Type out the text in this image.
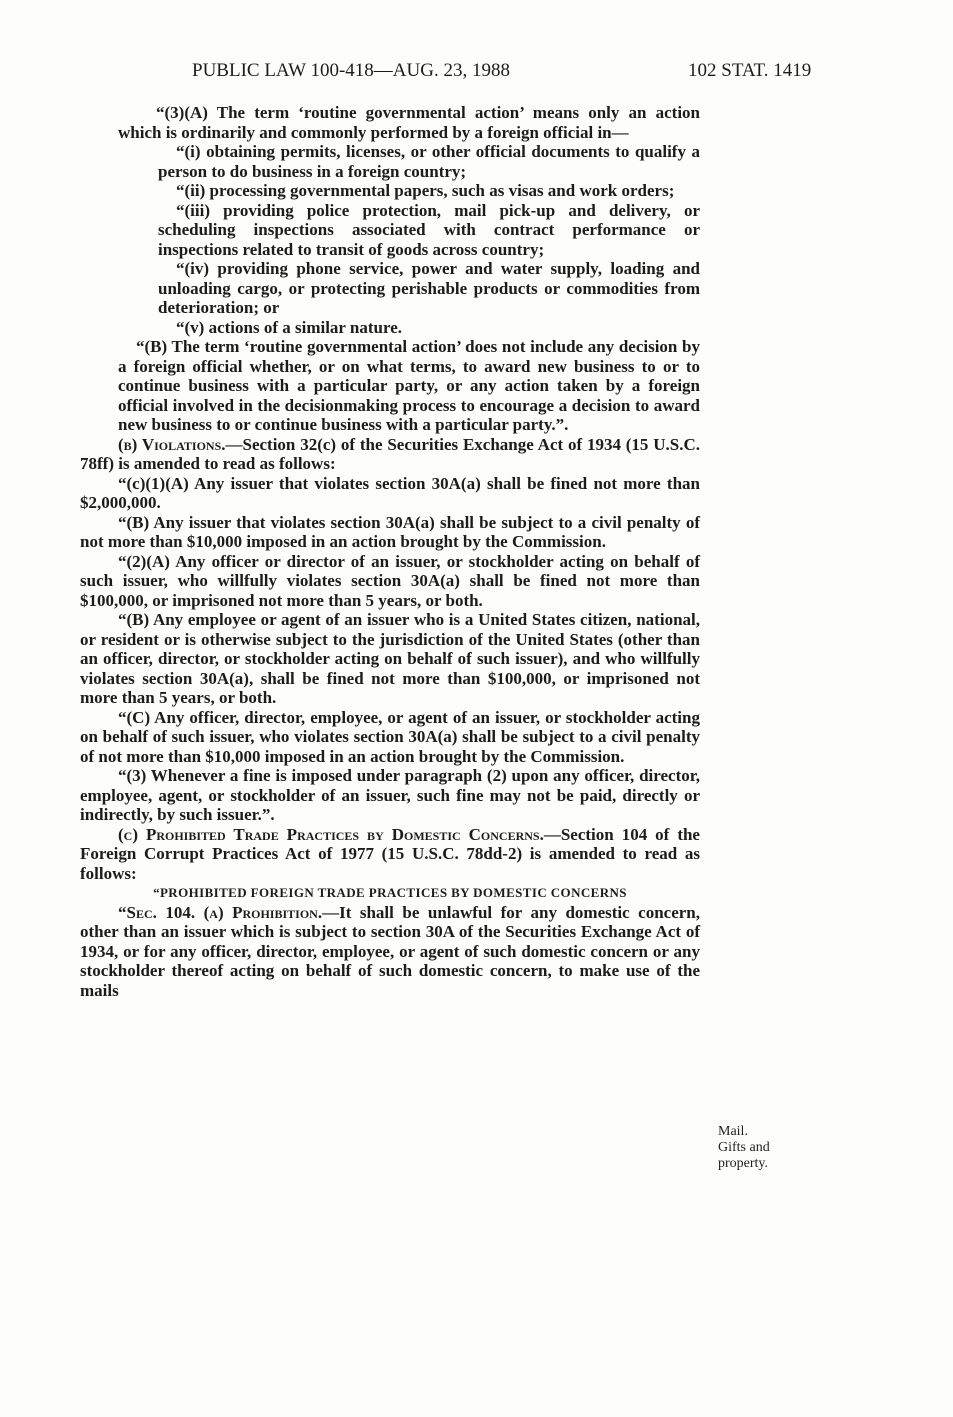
PUBLIC LAW 100-418—AUG. 23, 1988	102 STAT. 1419

“(3)(A) The term ‘routine governmental action’ means only an action which is ordinarily and commonly performed by a foreign official in—

“(i) obtaining permits, licenses, or other official documents to qualify a person to do business in a foreign country;

“(ii) processing governmental papers, such as visas and work orders;

“(iii) providing police protection, mail pick-up and delivery, or scheduling inspections associated with contract performance or inspections related to transit of goods across country;

“(iv) providing phone service, power and water supply, loading and unloading cargo, or protecting perishable products or commodities from deterioration; or

“(v) actions of a similar nature.

“(B) The term ‘routine governmental action’ does not include any decision by a foreign official whether, or on what terms, to award new business to or to continue business with a particular party, or any action taken by a foreign official involved in the decisionmaking process to encourage a decision to award new business to or continue business with a particular party.”.

(b) Violations.—Section 32(c) of the Securities Exchange Act of 1934 (15 U.S.C. 78ff) is amended to read as follows:

“(c)(1)(A) Any issuer that violates section 30A(a) shall be fined not more than $2,000,000.

“(B) Any issuer that violates section 30A(a) shall be subject to a civil penalty of not more than $10,000 imposed in an action brought by the Commission.

“(2)(A) Any officer or director of an issuer, or stockholder acting on behalf of such issuer, who willfully violates section 30A(a) shall be fined not more than $100,000, or imprisoned not more than 5 years, or both.

“(B) Any employee or agent of an issuer who is a United States citizen, national, or resident or is otherwise subject to the jurisdiction of the United States (other than an officer, director, or stockholder acting on behalf of such issuer), and who willfully violates section 30A(a), shall be fined not more than $100,000, or imprisoned not more than 5 years, or both.

“(C) Any officer, director, employee, or agent of an issuer, or stockholder acting on behalf of such issuer, who violates section 30A(a) shall be subject to a civil penalty of not more than $10,000 imposed in an action brought by the Commission.

“(3) Whenever a fine is imposed under paragraph (2) upon any officer, director, employee, agent, or stockholder of an issuer, such fine may not be paid, directly or indirectly, by such issuer.”.

(c) Prohibited Trade Practices by Domestic Concerns.—Section 104 of the Foreign Corrupt Practices Act of 1977 (15 U.S.C. 78dd-2) is amended to read as follows:

“PROHIBITED FOREIGN TRADE PRACTICES BY DOMESTIC CONCERNS

“Sec. 104. (a) Prohibition.—It shall be unlawful for any domestic concern, other than an issuer which is subject to section 30A of the Securities Exchange Act of 1934, or for any officer, director, employee, or agent of such domestic concern or any stockholder thereof acting on behalf of such domestic concern, to make use of the mails

Mail.
Gifts and
property.
